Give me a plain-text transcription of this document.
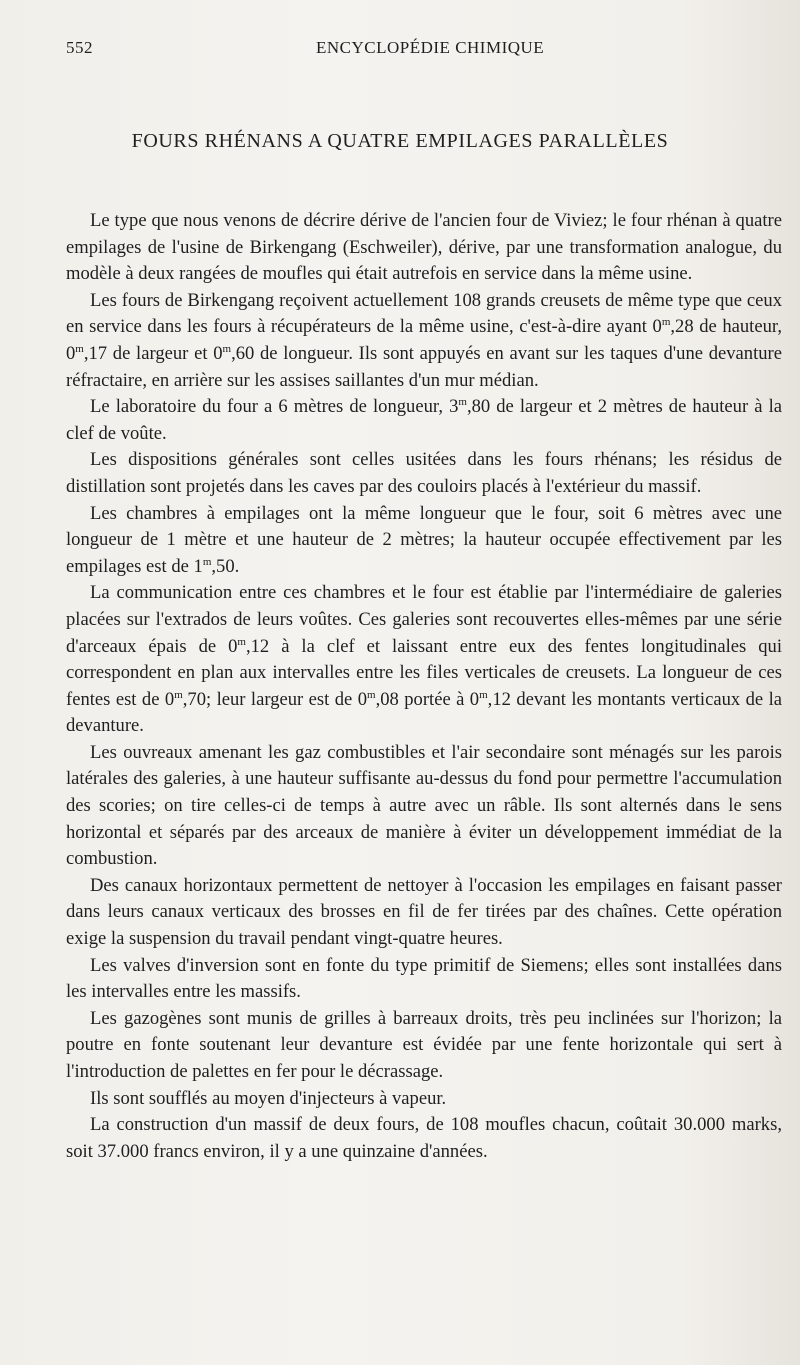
552	ENCYCLOPÉDIE CHIMIQUE
FOURS RHÉNANS A QUATRE EMPILAGES PARALLÈLES

Le type que nous venons de décrire dérive de l'ancien four de Viviez; le four rhénan à quatre empilages de l'usine de Birkengang (Eschweiler), dérive, par une transformation analogue, du modèle à deux rangées de moufles qui était autrefois en service dans la même usine.

Les fours de Birkengang reçoivent actuellement 108 grands creusets de même type que ceux en service dans les fours à récupérateurs de la même usine, c'est-à-dire ayant 0$^m$,28 de hauteur, 0$^m$,17 de largeur et 0$^m$,60 de longueur. Ils sont appuyés en avant sur les taques d'une devanture réfractaire, en arrière sur les assises saillantes d'un mur médian.

Le laboratoire du four a 6 mètres de longueur, 3$^m$,80 de largeur et 2 mètres de hauteur à la clef de voûte.

Les dispositions générales sont celles usitées dans les fours rhénans; les résidus de distillation sont projetés dans les caves par des couloirs placés à l'extérieur du massif.

Les chambres à empilages ont la même longueur que le four, soit 6 mètres avec une longueur de 1 mètre et une hauteur de 2 mètres; la hauteur occupée effectivement par les empilages est de 1$^m$,50.

La communication entre ces chambres et le four est établie par l'intermédiaire de galeries placées sur l'extrados de leurs voûtes. Ces galeries sont recouvertes elles-mêmes par une série d'arceaux épais de 0$^m$,12 à la clef et laissant entre eux des fentes longitudinales qui correspondent en plan aux intervalles entre les files verticales de creusets. La longueur de ces fentes est de 0$^m$,70; leur largeur est de 0$^m$,08 portée à 0$^m$,12 devant les montants verticaux de la devanture.

Les ouvreaux amenant les gaz combustibles et l'air secondaire sont ménagés sur les parois latérales des galeries, à une hauteur suffisante au-dessus du fond pour permettre l'accumulation des scories; on tire celles-ci de temps à autre avec un râble. Ils sont alternés dans le sens horizontal et séparés par des arceaux de manière à éviter un développement immédiat de la combustion.

Des canaux horizontaux permettent de nettoyer à l'occasion les empilages en faisant passer dans leurs canaux verticaux des brosses en fil de fer tirées par des chaînes. Cette opération exige la suspension du travail pendant vingt-quatre heures.

Les valves d'inversion sont en fonte du type primitif de Siemens; elles sont installées dans les intervalles entre les massifs.

Les gazogènes sont munis de grilles à barreaux droits, très peu inclinées sur l'horizon; la poutre en fonte soutenant leur devanture est évidée par une fente horizontale qui sert à l'introduction de palettes en fer pour le décrassage.

Ils sont soufflés au moyen d'injecteurs à vapeur.

La construction d'un massif de deux fours, de 108 moufles chacun, coûtait 30.000 marks, soit 37.000 francs environ, il y a une quinzaine d'années.
